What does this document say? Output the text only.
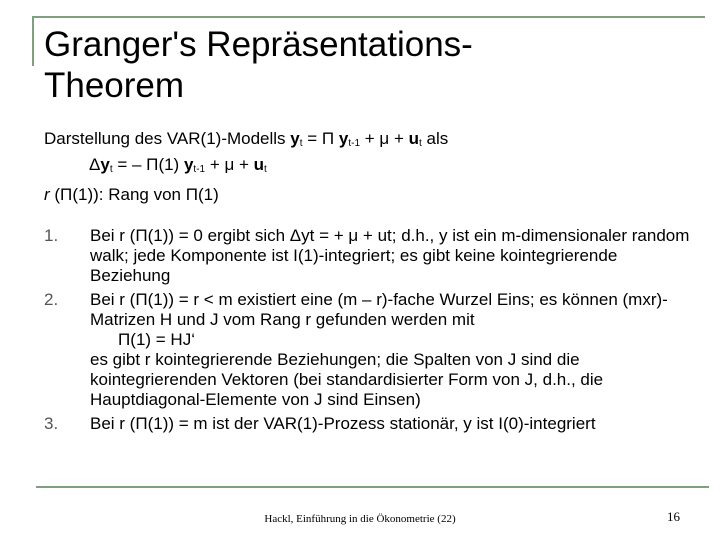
Granger's Repräsentations-
Theorem
Darstellung des VAR(1)-Modells $y_t = \Pi$ $y_{t-1} + \mu + u_t$ als
$\Delta y_t$ = – Π(1) $y_{t-1} + \mu + u_t$
r (Π(1)): Rang von Π(1)
1. Bei r (Π(1)) = 0 ergibt sich Δyt = + μ + ut; d.h., y ist ein m-dimensionaler random walk; jede Komponente ist I(1)-integriert; es gibt keine kointegrierende Beziehung
2. Bei r (Π(1)) = r < m existiert eine (m – r)-fache Wurzel Eins; es können (mxr)-Matrizen H und J vom Rang r gefunden werden mit
Π(1) = HJ‘
es gibt r kointegrierende Beziehungen; die Spalten von J sind die kointegrierenden Vektoren (bei standardisierter Form von J, d.h., die Hauptdiagonal-Elemente von J sind Einsen)
3. Bei r (Π(1)) = m ist der VAR(1)-Prozess stationär, y ist I(0)-integriert
Hackl, Einführung in die Ökonometrie (22)	16
